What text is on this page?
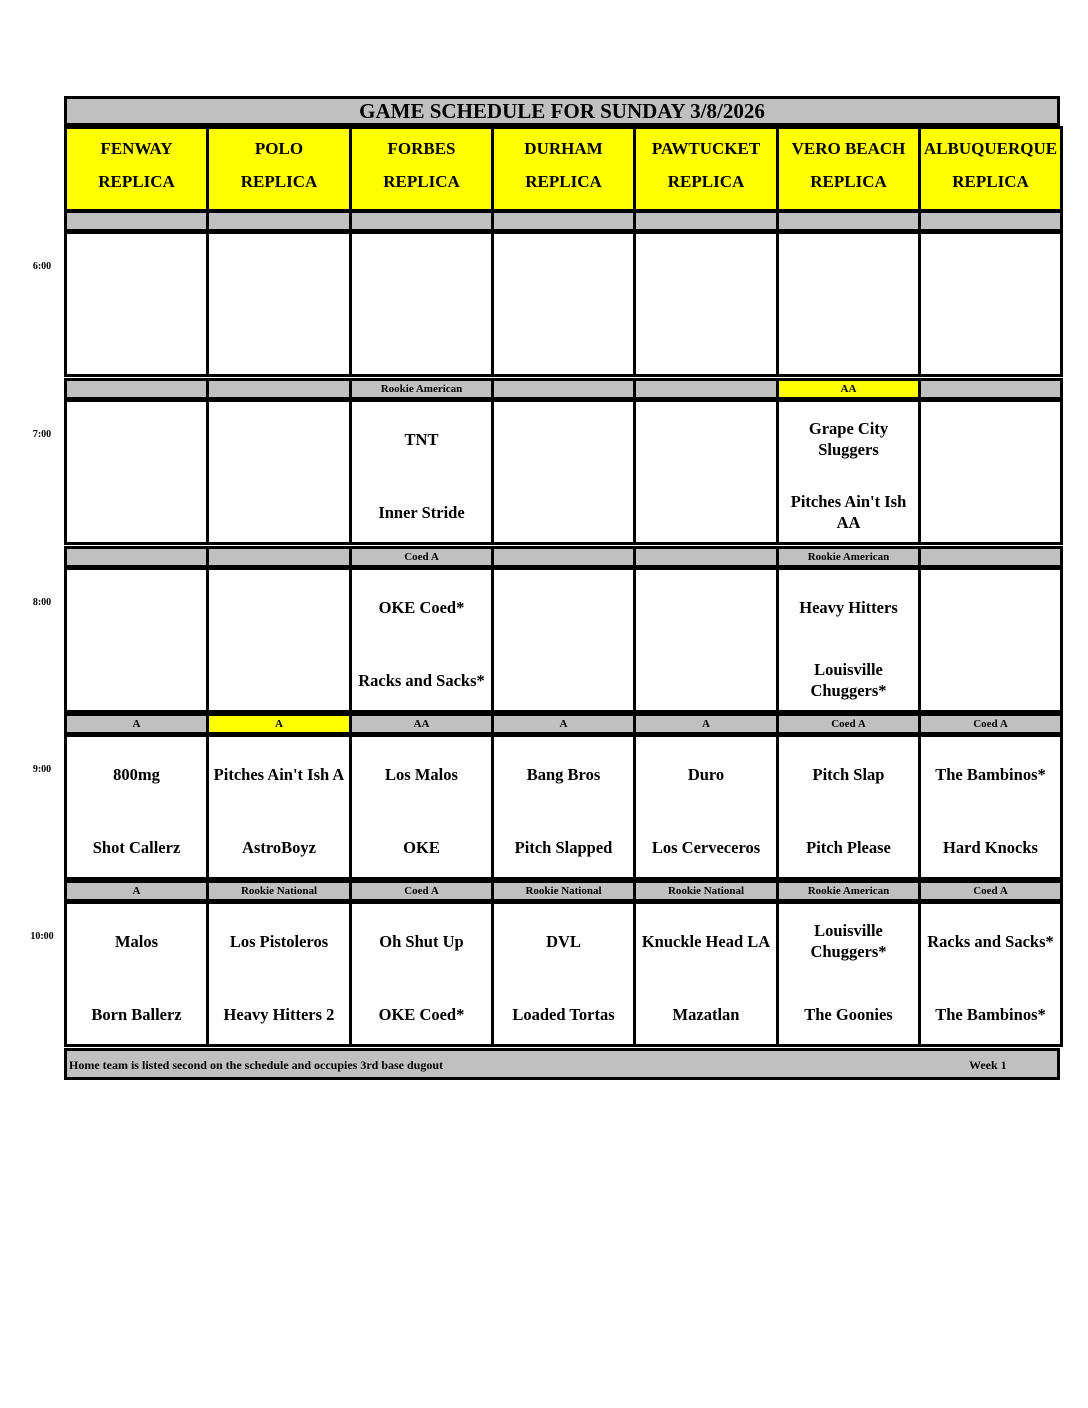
GAME SCHEDULE FOR SUNDAY 3/8/2026
Home team is listed second on the schedule and occupies 3rd base dugout	Week 1
FENWAY
REPLICA
POLO
REPLICA
FORBES
REPLICA
DURHAM
REPLICA
PAWTUCKET
REPLICA
VERO BEACH
REPLICA
ALBUQUERQUE
REPLICA
Rookie American
TNT
Inner Stride
AA
Grape City Sluggers
Pitches Ain't Ish AA
Coed A
OKE Coed*
Racks and Sacks*
Rookie American
Heavy Hitters
Louisville Chuggers*
A
800mg
Shot Callerz
A
Pitches Ain't Ish A
AstroBoyz
AA
Los Malos
OKE
A
Bang Bros
Pitch Slapped
A
Duro
Los Cerveceros
Coed A
Pitch Slap
Pitch Please
Coed A
The Bambinos*
Hard Knocks
A
Malos
Born Ballerz
Rookie National
Los Pistoleros
Heavy Hitters 2
Coed A
Oh Shut Up
OKE Coed*
Rookie National
DVL
Loaded Tortas
Rookie National
Knuckle Head LA
Mazatlan
Rookie American
Louisville Chuggers*
The Goonies
Coed A
Racks and Sacks*
The Bambinos*
6:00
7:00
8:00
9:00
10:00
